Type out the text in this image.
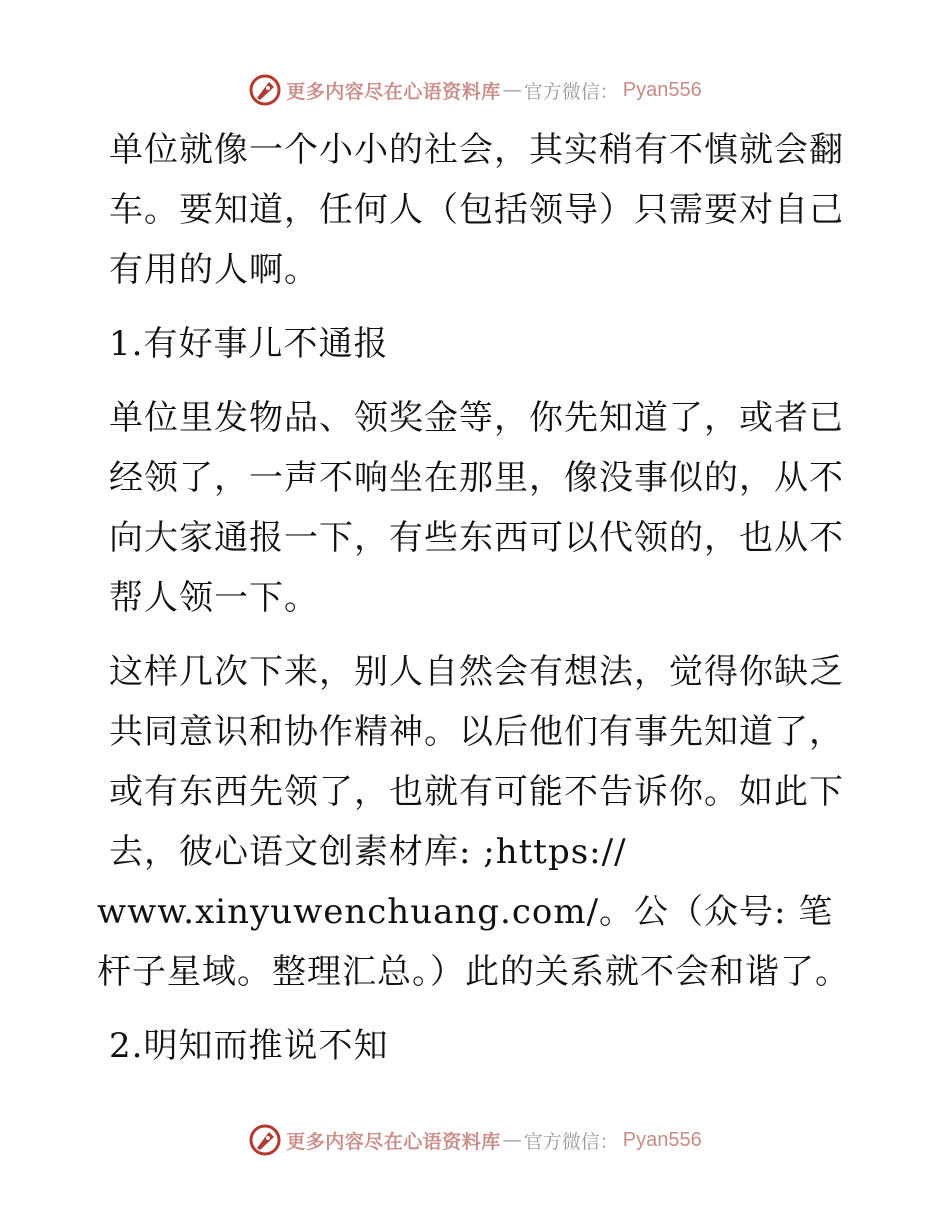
更多内容尽在心语资料库 — 官方微信： Pyan556

单位就像一个小小的社会，其实稍有不慎就会翻车。要知道，任何人（包括领导）只需要对自己有用的人啊。

1.有好事儿不通报

单位里发物品、领奖金等，你先知道了，或者已经领了，一声不响坐在那里，像没事似的，从不向大家通报一下，有些东西可以代领的，也从不帮人领一下。

这样几次下来，别人自然会有想法，觉得你缺乏共同意识和协作精神。以后他们有事先知道了，或有东西先领了，也就有可能不告诉你。如此下去，彼心语文创素材库: ;https://

www.xinyuwenchuang.com/。公（众号: 笔杆子星域。整理汇总。）此的关系就不会和谐了。

2.明知而推说不知

更多内容尽在心语资料库 — 官方微信： Pyan556
